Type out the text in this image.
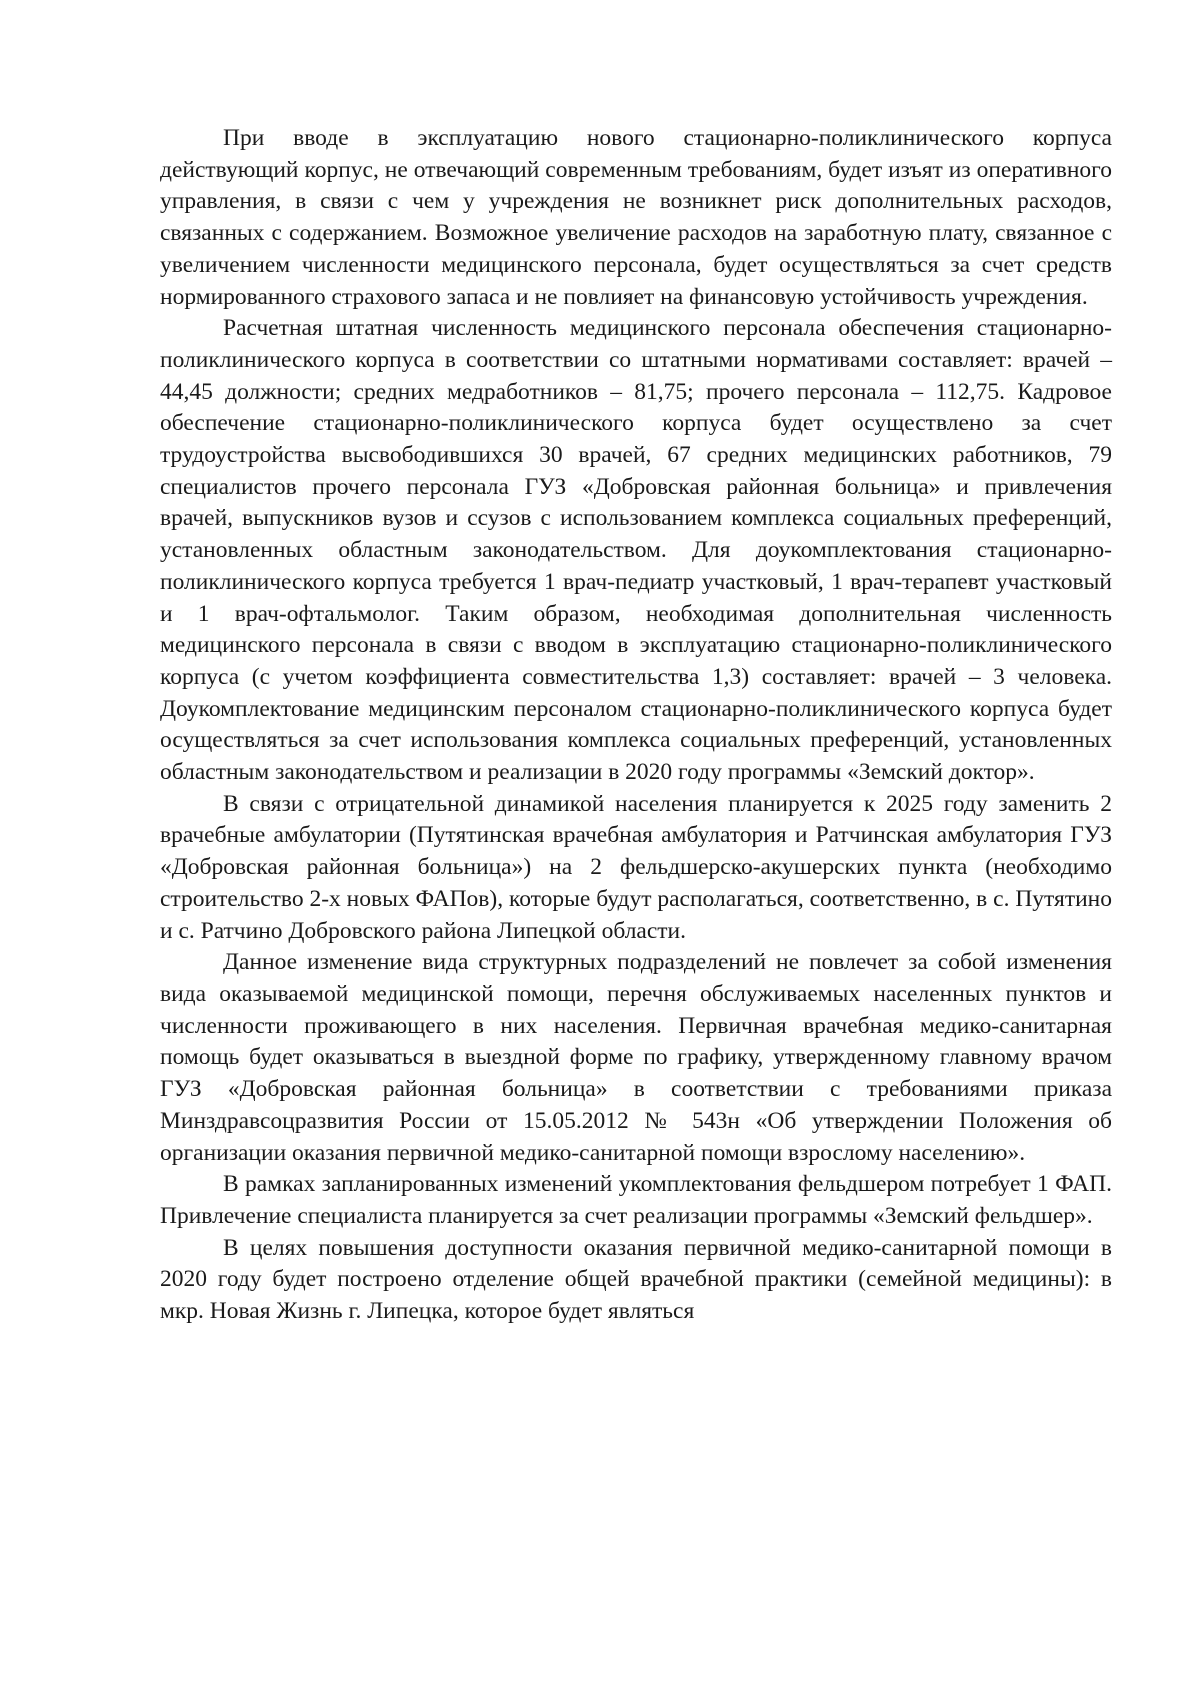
При вводе в эксплуатацию нового стационарно-поликлинического корпуса действующий корпус, не отвечающий современным требованиям, будет изъят из оперативного управления, в связи с чем у учреждения не возникнет риск дополнительных расходов, связанных с содержанием. Возможное увеличение расходов на заработную плату, связанное с увеличением численности медицинского персонала, будет осуществляться за счет средств нормированного страхового запаса и не повлияет на финансовую устойчивость учреждения.

Расчетная штатная численность медицинского персонала обеспечения стационарно-поликлинического корпуса в соответствии со штатными нормативами составляет: врачей – 44,45 должности; средних медработников – 81,75; прочего персонала – 112,75. Кадровое обеспечение стационарно-поликлинического корпуса будет осуществлено за счет трудоустройства высвободившихся 30 врачей, 67 средних медицинских работников, 79 специалистов прочего персонала ГУЗ «Добровская районная больница» и привлечения врачей, выпускников вузов и ссузов с использованием комплекса социальных преференций, установленных областным законодательством. Для доукомплектования стационарно-поликлинического корпуса требуется 1 врач-педиатр участковый, 1 врач-терапевт участковый и 1 врач-офтальмолог. Таким образом, необходимая дополнительная численность медицинского персонала в связи с вводом в эксплуатацию стационарно-поликлинического корпуса (с учетом коэффициента совместительства 1,3) составляет: врачей – 3 человека. Доукомплектование медицинским персоналом стационарно-поликлинического корпуса будет осуществляться за счет использования комплекса социальных преференций, установленных областным законодательством и реализации в 2020 году программы «Земский доктор».

В связи с отрицательной динамикой населения планируется к 2025 году заменить 2 врачебные амбулатории (Путятинская врачебная амбулатория и Ратчинская амбулатория ГУЗ «Добровская районная больница») на 2 фельдшерско-акушерских пункта (необходимо строительство 2-х новых ФАПов), которые будут располагаться, соответственно, в с. Путятино и с. Ратчино Добровского района Липецкой области.

Данное изменение вида структурных подразделений не повлечет за собой изменения вида оказываемой медицинской помощи, перечня обслуживаемых населенных пунктов и численности проживающего в них населения. Первичная врачебная медико-санитарная помощь будет оказываться в выездной форме по графику, утвержденному главному врачом ГУЗ «Добровская районная больница» в соответствии с требованиями приказа Минздравсоцразвития России от 15.05.2012 № 543н «Об утверждении Положения об организации оказания первичной медико-санитарной помощи взрослому населению».

В рамках запланированных изменений укомплектования фельдшером потребует 1 ФАП. Привлечение специалиста планируется за счет реализации программы «Земский фельдшер».

В целях повышения доступности оказания первичной медико-санитарной помощи в 2020 году будет построено отделение общей врачебной практики (семейной медицины): в мкр. Новая Жизнь г. Липецка, которое будет являться
